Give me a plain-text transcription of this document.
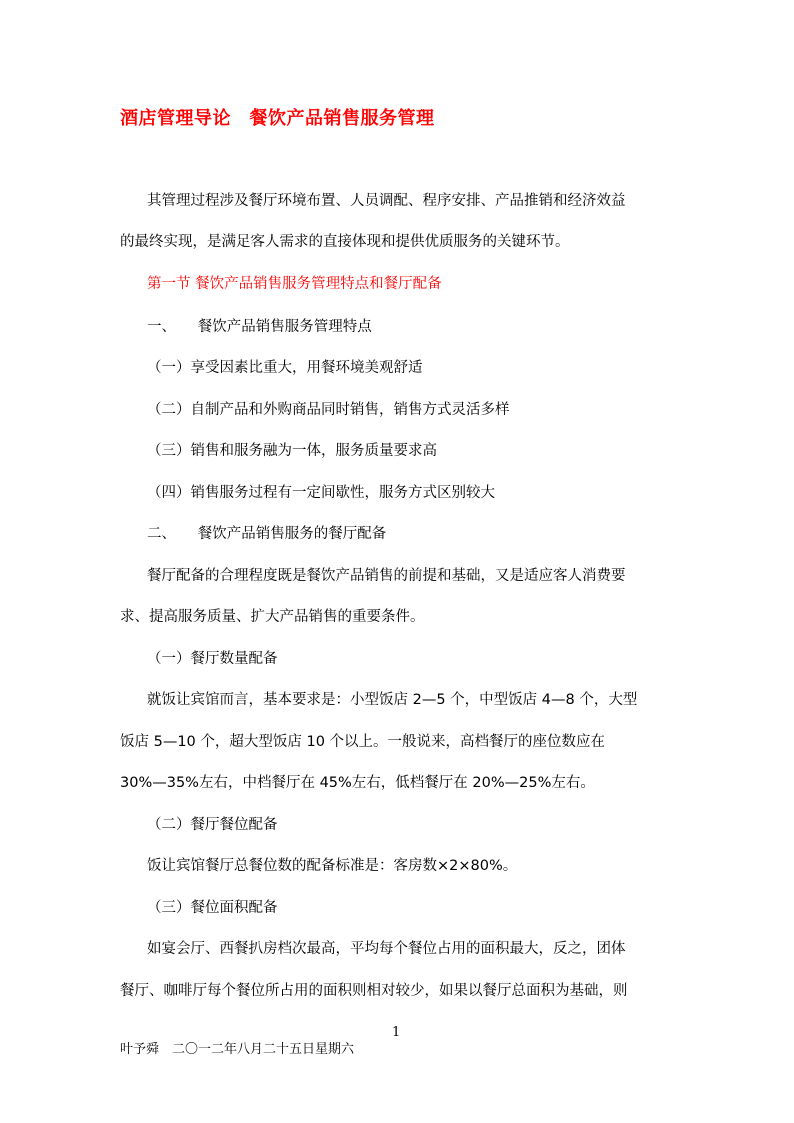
酒店管理导论　餐饮产品销售服务管理
其管理过程涉及餐厅环境布置、人员调配、程序安排、产品推销和经济效益
的最终实现，是满足客人需求的直接体现和提供优质服务的关键环节。
第一节 餐饮产品销售服务管理特点和餐厅配备
一、　　餐饮产品销售服务管理特点
（一）享受因素比重大，用餐环境美观舒适
（二）自制产品和外购商品同时销售，销售方式灵活多样
（三）销售和服务融为一体，服务质量要求高
（四）销售服务过程有一定间歇性，服务方式区别较大
二、　　餐饮产品销售服务的餐厅配备
餐厅配备的合理程度既是餐饮产品销售的前提和基础，又是适应客人消费要
求、提高服务质量、扩大产品销售的重要条件。
（一）餐厅数量配备
就饭让宾馆而言，基本要求是：小型饭店 2—5 个，中型饭店 4—8 个，大型
饭店 5—10 个，超大型饭店 10 个以上。一般说来，高档餐厅的座位数应在
30%—35%左右，中档餐厅在 45%左右，低档餐厅在 20%—25%左右。
（二）餐厅餐位配备
饭让宾馆餐厅总餐位数的配备标准是：客房数×2×80%。
（三）餐位面积配备
如宴会厅、西餐扒房档次最高，平均每个餐位占用的面积最大，反之，团体
餐厅、咖啡厅每个餐位所占用的面积则相对较少，如果以餐厅总面积为基础，则
1
叶予舜　二〇一二年八月二十五日星期六
